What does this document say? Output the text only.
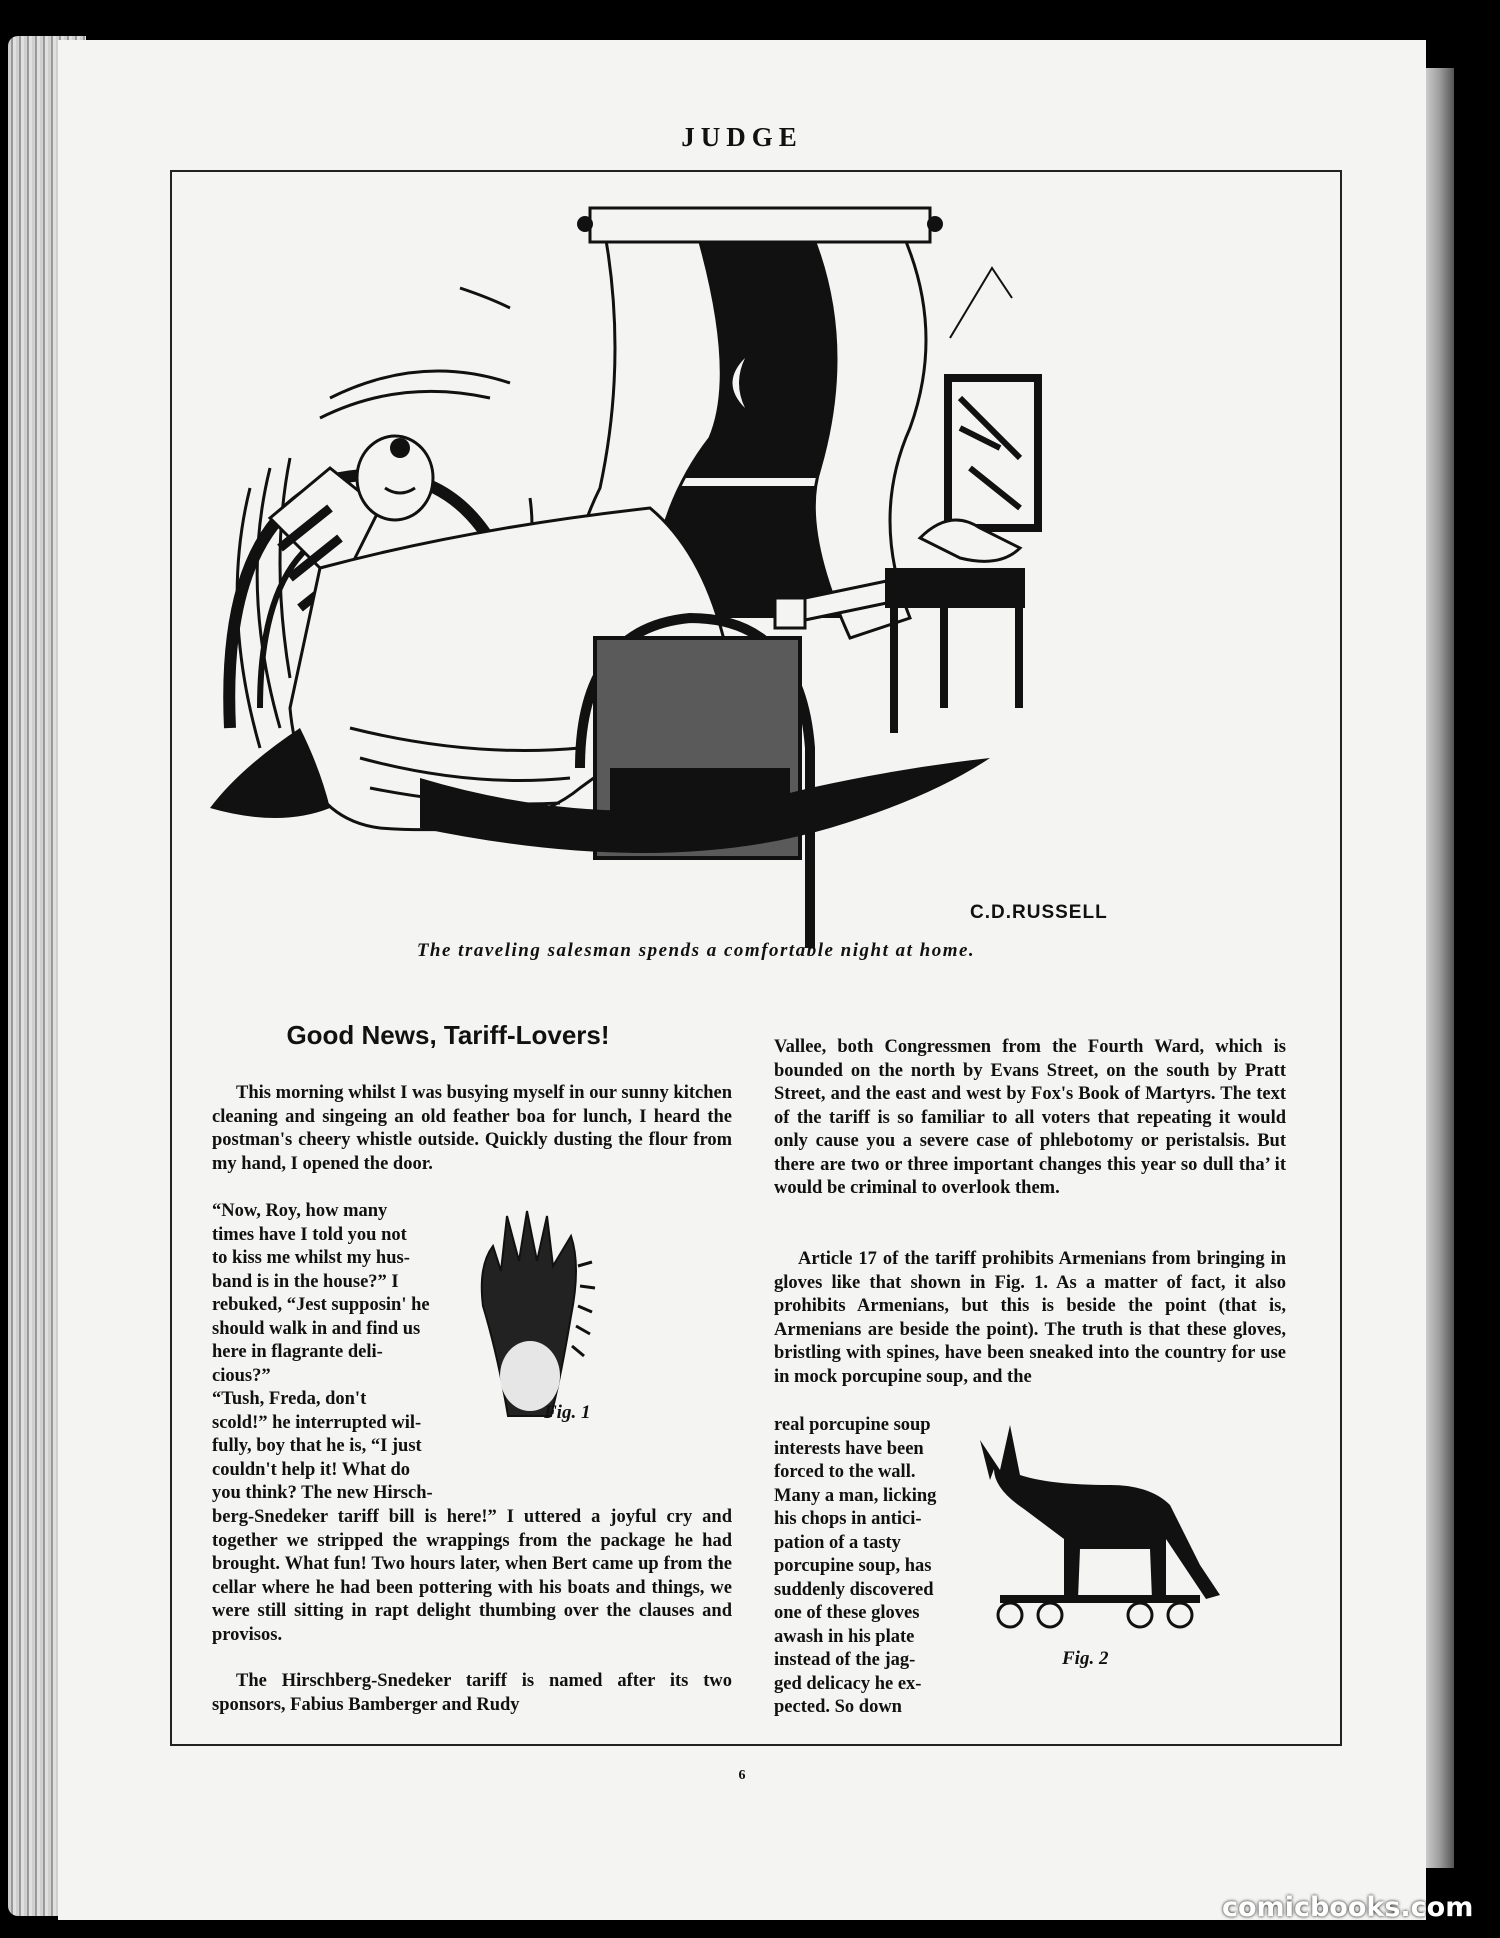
JUDGE
6
C.D.RUSSELL
The traveling salesman spends a comfortable night at home.
Good News, Tariff-Lovers!
This morning whilst I was busying myself in our sunny kitchen cleaning and singeing an old feather boa for lunch, I heard the postman's cheery whistle outside. Quickly dusting the flour from my hand, I opened the door.
“Now, Roy, how many
times have I told you not
to kiss me whilst my hus-
band is in the house?” I
rebuked, “Jest supposin' he
should walk in and find us
here in flagrante deli-
cious?”
“Tush, Freda, don't
scold!” he interrupted wil-
fully, boy that he is, “I just
couldn't help it! What do
you think? The new Hirsch-
Fig. 1
berg-Snedeker tariff bill is here!” I uttered a joyful cry and together we stripped the wrappings from the package he had brought. What fun! Two hours later, when Bert came up from the cellar where he had been pottering with his boats and things, we were still sitting in rapt delight thumbing over the clauses and provisos.
The Hirschberg-Snedeker tariff is named after its two sponsors, Fabius Bamberger and Rudy
Vallee, both Congressmen from the Fourth Ward, which is bounded on the north by Evans Street, on the south by Pratt Street, and the east and west by Fox's Book of Martyrs. The text of the tariff is so familiar to all voters that repeating it would only cause you a severe case of phlebotomy or peristalsis. But there are two or three important changes this year so dull tha’ it would be criminal to overlook them.
Article 17 of the tariff prohibits Armenians from bringing in gloves like that shown in Fig. 1. As a matter of fact, it also prohibits Armenians, but this is beside the point (that is, Armenians are beside the point). The truth is that these gloves, bristling with spines, have been sneaked into the country for use in mock porcupine soup, and the
real porcupine soup
interests have been
forced to the wall.
Many a man, licking
his chops in antici-
pation of a tasty
porcupine soup, has
suddenly discovered
one of these gloves
awash in his plate
instead of the jag-
ged delicacy he ex-
pected. So down
Fig. 2
comicbooks.com
